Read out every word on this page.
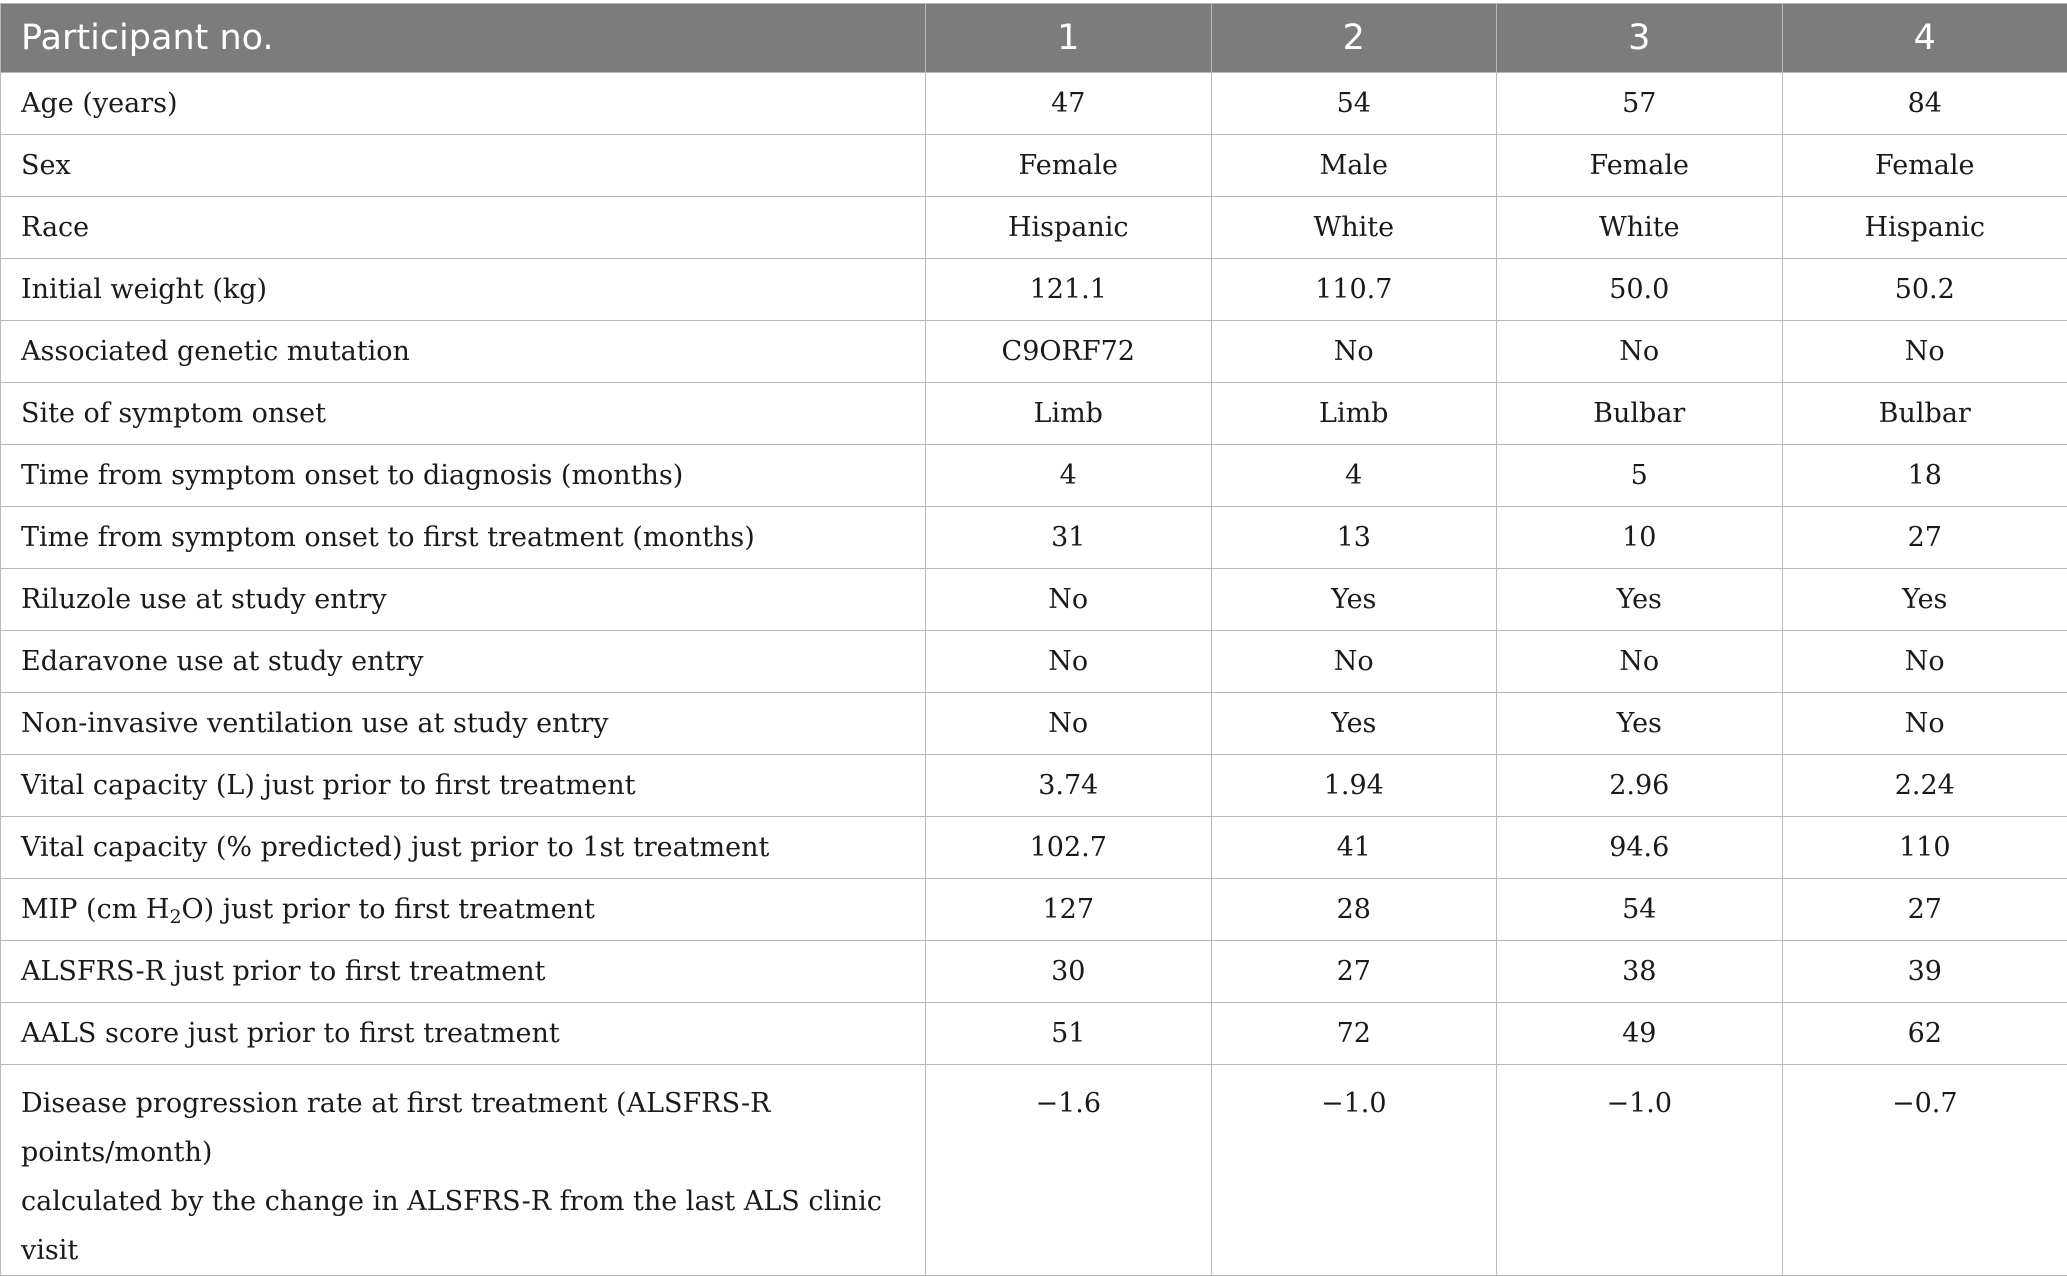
Participant no.	1	2	3	4
Age (years)	47	54	57	84
Sex	Female	Male	Female	Female
Race	Hispanic	White	White	Hispanic
Initial weight (kg)	121.1	110.7	50.0	50.2
Associated genetic mutation	C9ORF72	No	No	No
Site of symptom onset	Limb	Limb	Bulbar	Bulbar
Time from symptom onset to diagnosis (months)	4	4	5	18
Time from symptom onset to first treatment (months)	31	13	10	27
Riluzole use at study entry	No	Yes	Yes	Yes
Edaravone use at study entry	No	No	No	No
Non-invasive ventilation use at study entry	No	Yes	Yes	No
Vital capacity (L) just prior to first treatment	3.74	1.94	2.96	2.24
Vital capacity (% predicted) just prior to 1st treatment	102.7	41	94.6	110
MIP (cm $H_2O$) just prior to first treatment	127	28	54	27
ALSFRS-R just prior to first treatment	30	27	38	39
AALS score just prior to first treatment	51	72	49	62

Disease progression rate at first treatment (ALSFRS-R points/month)
calculated by the change in ALSFRS-R from the last ALS clinic visit	−1.6	−1.0	−1.0	−0.7
